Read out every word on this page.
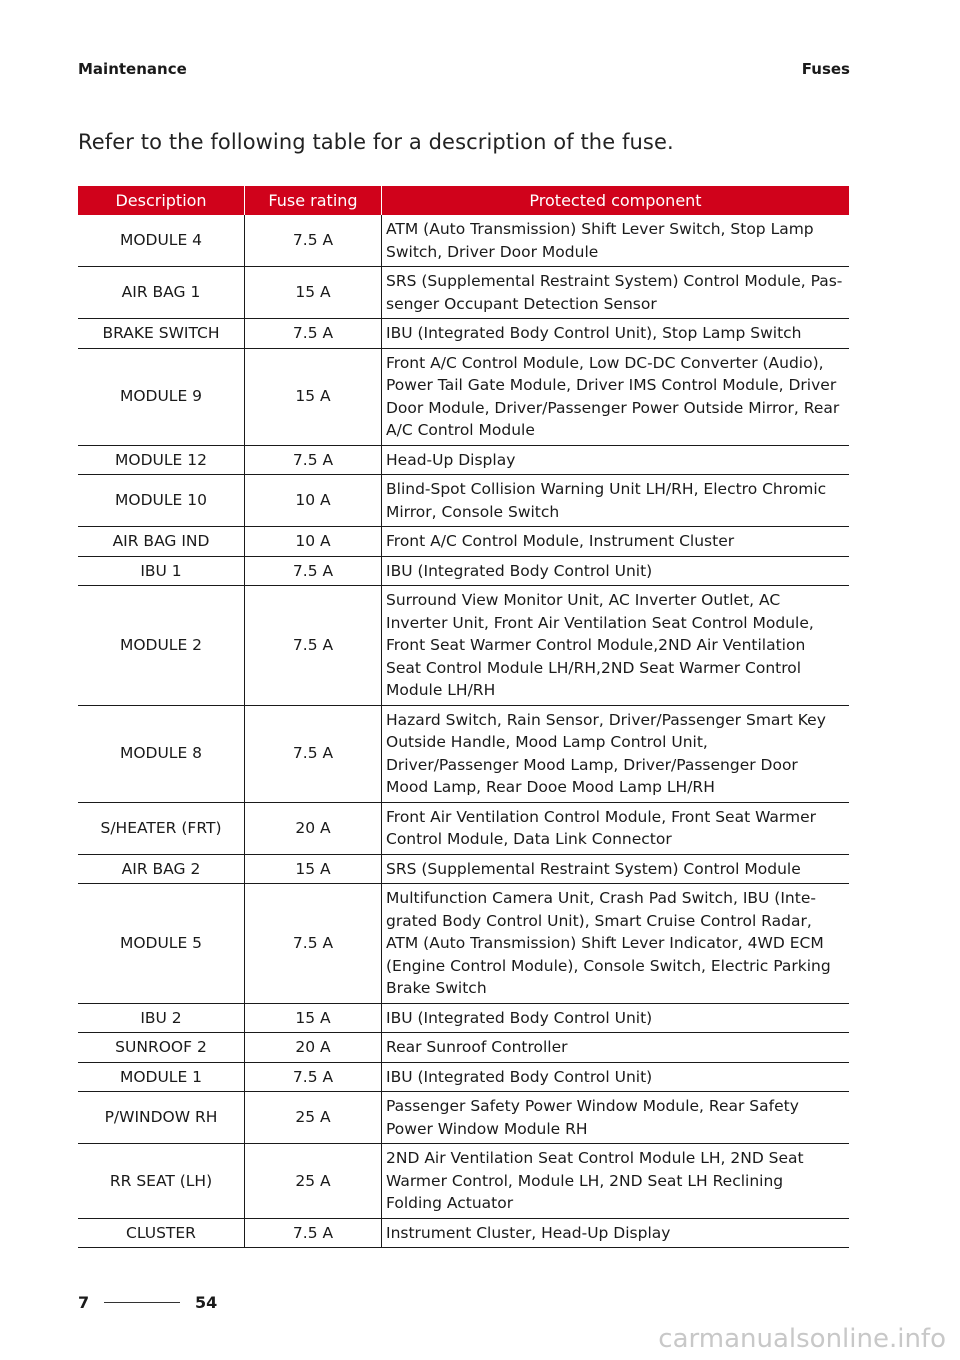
Maintenance	Fuses
Refer to the following table for a description of the fuse.
Description	Fuse rating	Protected component
MODULE 4	7.5 A	ATM (Auto Transmission) Shift Lever Switch, Stop Lamp Switch, Driver Door Module
AIR BAG 1	15 A	SRS (Supplemental Restraint System) Control Module, Pas-senger Occupant Detection Sensor
BRAKE SWITCH	7.5 A	IBU (Integrated Body Control Unit), Stop Lamp Switch
MODULE 9	15 A	Front A/C Control Module, Low DC-DC Converter (Audio), Power Tail Gate Module, Driver IMS Control Module, Driver Door Module, Driver/Passenger Power Outside Mirror, Rear A/C Control Module
MODULE 12	7.5 A	Head-Up Display
MODULE 10	10 A	Blind-Spot Collision Warning Unit LH/RH, Electro Chromic Mirror, Console Switch
AIR BAG IND	10 A	Front A/C Control Module, Instrument Cluster
IBU 1	7.5 A	IBU (Integrated Body Control Unit)
MODULE 2	7.5 A	Surround View Monitor Unit, AC Inverter Outlet, AC Inverter Unit, Front Air Ventilation Seat Control Module, Front Seat Warmer Control Module,2ND Air Ventilation Seat Control Module LH/RH,2ND Seat Warmer Control Module LH/RH
MODULE 8	7.5 A	Hazard Switch, Rain Sensor, Driver/Passenger Smart Key Outside Handle, Mood Lamp Control Unit, Driver/Passenger Mood Lamp, Driver/Passenger Door Mood Lamp, Rear Dooe Mood Lamp LH/RH
S/HEATER (FRT)	20 A	Front Air Ventilation Control Module, Front Seat Warmer Control Module, Data Link Connector
AIR BAG 2	15 A	SRS (Supplemental Restraint System) Control Module
MODULE 5	7.5 A	Multifunction Camera Unit, Crash Pad Switch, IBU (Inte-grated Body Control Unit), Smart Cruise Control Radar, ATM (Auto Transmission) Shift Lever Indicator, 4WD ECM (Engine Control Module), Console Switch, Electric Parking Brake Switch
IBU 2	15 A	IBU (Integrated Body Control Unit)
SUNROOF 2	20 A	Rear Sunroof Controller
MODULE 1	7.5 A	IBU (Integrated Body Control Unit)
P/WINDOW RH	25 A	Passenger Safety Power Window Module, Rear Safety Power Window Module RH
RR SEAT (LH)	25 A	2ND Air Ventilation Seat Control Module LH, 2ND Seat Warmer Control, Module LH, 2ND Seat LH Reclining Folding Actuator
CLUSTER	7.5 A	Instrument Cluster, Head-Up Display
7	54
carmanualsonline.info
